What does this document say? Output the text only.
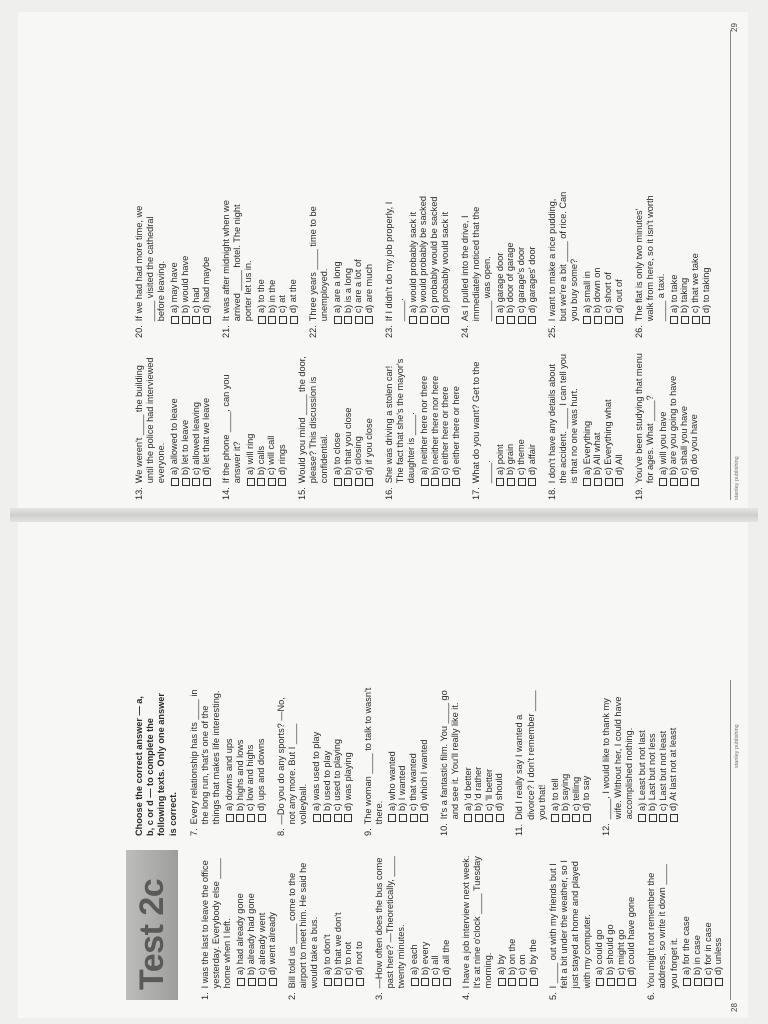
Test 2c
1.
I was the last to leave the office yesterday. Everybody else ____ home when I left. a) had already gone b) already had gone c) already went d) went already
2.
Bill told us ____ come to the airport to meet him. He said he would take a bus. a) to don't b) that we don't c) to not d) not to
3.
—How often does the bus come past here? —Theoretically, ____ twenty minutes. a) each b) every c) all d) all the
4.
I have a job interview next week. It's at nine o'clock ____ Tuesday morning. a) by b) on the c) on d) by the
5.
I ____ out with my friends but I felt a bit under the weather, so I just stayed at home and played with my computer. a) could go b) should go c) might go d) could have gone
6.
You might not remember the address, so write it down ____ you forget it. a) for the case b) in case c) for in case d) unless
Choose the correct answer — a, b, c or d — to complete the following texts. Only one answer is correct. 7.
Every relationship has its ____ in the long run, that's one of the things that makes life interesting. a) downs and ups b) highs and lows c) low and highs d) ups and downs
8.
—Do you do any sports? —No, not any more. But I ____ volleyball. a) was used to play b) used to play c) used to playing d) was playing
9.
The woman ____ to talk to wasn't there.
a) who wanted b) I wanted c) that wanted d) which I wanted
10.
It's a fantastic film. You ____ go and see it. You'll really like it. a) 'd better b) 'd rather c) 'll better d) should
11.
Did I really say I wanted a divorce? I don't remember ____ you that! a) to tell b) saying c) telling d) to say
12.
____, I would like to thank my wife. Without her, I could have accomplished nothing. a) Least but not last b) Last but not less c) Last but not least d) At last not at least
28
stanley publishing
13.
We weren't ____ the building until the police had interviewed everyone. a) allowed to leave b) let to leave c) allowed leaving d) let that we leave
14.
If the phone ____, can you answer it? a) will ring b) calls c) will call d) rings
15.
Would you mind ____ the door, please? This discussion is confidential. a) to close b) that you close c) closing d) if you close
16.
She was driving a stolen car! The fact that she's the mayor's daughter is ____. a) neither here nor there b) neither there nor here c) either here or there d) either there or here
17.
What do you want? Get to the ____. a) point b) grain c) theme d) affair
18.
I don't have any details about the accident. ____ I can tell you is that no one was hurt. a) Everything b) All what c) Everything what d) All
19.
You've been studying that menu for ages. What ____? a) will you have b) are you going to have c) shall you have d) do you have
20.
If we had had more time, we ____ visited the cathedral before leaving. a) may have b) would have c) had d) had maybe
21.
It was after midnight when we arrived ____ hotel. The night porter let us in. a) to the b) in the c) at d) at the
22.
Three years ____ time to be unemployed. a) are a long b) is a long c) are a lot of d) are much
23.
If I didn't do my job properly, I ____. a) would probably sack it b) would probably be sacked c) probably would be sacked d) probably would sack it
24.
As I pulled into the drive, I immediately noticed that the ____ was open. a) garage door b) door of garage c) garage's door d) garages' door
25.
I want to make a rice pudding, but we're a bit ____ of rice. Can you buy some? a) small in b) down on c) short of d) out of
26.
The flat is only two minutes' walk from here, so it isn't worth ____ a taxi. a) to take b) taking c) that we take d) to taking
stanley publishing
29
